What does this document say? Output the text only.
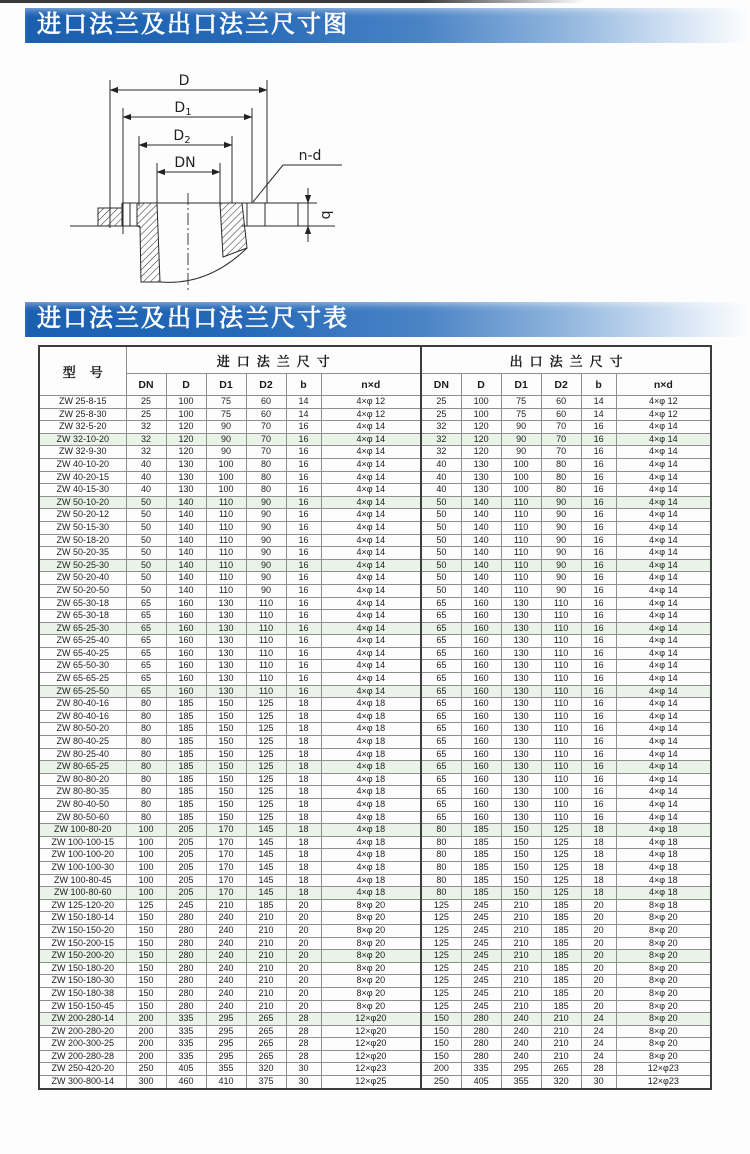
进口法兰及出口法兰尺寸图
D
$D_1$
$D_2$
DN	n-d
b
进口法兰及出口法兰尺寸表
型号	进口法兰尺寸						出口法兰尺寸					
	DN	D	D1	D2	b	n×d	DN	D	D1	D2	b	n×d
ZW 25-8-15	25	100	75	60	14	4×φ 12	25	100	75	60	14	4×φ 12
ZW 25-8-30	25	100	75	60	14	4×φ 12	25	100	75	60	14	4×φ 12
ZW 32-5-20	32	120	90	70	16	4×φ 14	32	120	90	70	16	4×φ 14
ZW 32-10-20	32	120	90	70	16	4×φ 14	32	120	90	70	16	4×φ 14
ZW 32-9-30	32	120	90	70	16	4×φ 14	32	120	90	70	16	4×φ 14
ZW 40-10-20	40	130	100	80	16	4×φ 14	40	130	100	80	16	4×φ 14
ZW 40-20-15	40	130	100	80	16	4×φ 14	40	130	100	80	16	4×φ 14
ZW 40-15-30	40	130	100	80	16	4×φ 14	40	130	100	80	16	4×φ 14
ZW 50-10-20	50	140	110	90	16	4×φ 14	50	140	110	90	16	4×φ 14
ZW 50-20-12	50	140	110	90	16	4×φ 14	50	140	110	90	16	4×φ 14
ZW 50-15-30	50	140	110	90	16	4×φ 14	50	140	110	90	16	4×φ 14
ZW 50-18-20	50	140	110	90	16	4×φ 14	50	140	110	90	16	4×φ 14
ZW 50-20-35	50	140	110	90	16	4×φ 14	50	140	110	90	16	4×φ 14
ZW 50-25-30	50	140	110	90	16	4×φ 14	50	140	110	90	16	4×φ 14
ZW 50-20-40	50	140	110	90	16	4×φ 14	50	140	110	90	16	4×φ 14
ZW 50-20-50	50	140	110	90	16	4×φ 14	50	140	110	90	16	4×φ 14
ZW 65-30-18	65	160	130	110	16	4×φ 14	65	160	130	110	16	4×φ 14
ZW 65-30-18	65	160	130	110	16	4×φ 14	65	160	130	110	16	4×φ 14
ZW 65-25-30	65	160	130	110	16	4×φ 14	65	160	130	110	16	4×φ 14
ZW 65-25-40	65	160	130	110	16	4×φ 14	65	160	130	110	16	4×φ 14
ZW 65-40-25	65	160	130	110	16	4×φ 14	65	160	130	110	16	4×φ 14
ZW 65-50-30	65	160	130	110	16	4×φ 14	65	160	130	110	16	4×φ 14
ZW 65-65-25	65	160	130	110	16	4×φ 14	65	160	130	110	16	4×φ 14
ZW 65-25-50	65	160	130	110	16	4×φ 14	65	160	130	110	16	4×φ 14
ZW 80-40-16	80	185	150	125	18	4×φ 18	65	160	130	110	16	4×φ 14
ZW 80-40-16	80	185	150	125	18	4×φ 18	65	160	130	110	16	4×φ 14
ZW 80-50-20	80	185	150	125	18	4×φ 18	65	160	130	110	16	4×φ 14
ZW 80-40-25	80	185	150	125	18	4×φ 18	65	160	130	110	16	4×φ 14
ZW 80-25-40	80	185	150	125	18	4×φ 18	65	160	130	110	16	4×φ 14
ZW 80-65-25	80	185	150	125	18	4×φ 18	65	160	130	110	16	4×φ 14
ZW 80-80-20	80	185	150	125	18	4×φ 18	65	160	130	110	16	4×φ 14
ZW 80-80-35	80	185	150	125	18	4×φ 18	65	160	130	100	16	4×φ 14
ZW 80-40-50	80	185	150	125	18	4×φ 18	65	160	130	110	16	4×φ 14
ZW 80-50-60	80	185	150	125	18	4×φ 18	65	160	130	110	16	4×φ 14
ZW 100-80-20	100	205	170	145	18	4×φ 18	80	185	150	125	18	4×φ 18
ZW 100-100-15	100	205	170	145	18	4×φ 18	80	185	150	125	18	4×φ 18
ZW 100-100-20	100	205	170	145	18	4×φ 18	80	185	150	125	18	4×φ 18
ZW 100-100-30	100	205	170	145	18	4×φ 18	80	185	150	125	18	4×φ 18
ZW 100-80-45	100	205	170	145	18	4×φ 18	80	185	150	125	18	4×φ 18
ZW 100-80-60	100	205	170	145	18	4×φ 18	80	185	150	125	18	4×φ 18
ZW 125-120-20	125	245	210	185	20	8×φ 20	125	245	210	185	20	8×φ 18
ZW 150-180-14	150	280	240	210	20	8×φ 20	125	245	210	185	20	8×φ 20
ZW 150-150-20	150	280	240	210	20	8×φ 20	125	245	210	185	20	8×φ 20
ZW 150-200-15	150	280	240	210	20	8×φ 20	125	245	210	185	20	8×φ 20
ZW 150-200-20	150	280	240	210	20	8×φ 20	125	245	210	185	20	8×φ 20
ZW 150-180-20	150	280	240	210	20	8×φ 20	125	245	210	185	20	8×φ 20
ZW 150-180-30	150	280	240	210	20	8×φ 20	125	245	210	185	20	8×φ 20
ZW 150-180-38	150	280	240	210	20	8×φ 20	125	245	210	185	20	8×φ 20
ZW 150-150-45	150	280	240	210	20	8×φ 20	125	245	210	185	20	8×φ 20
ZW 200-280-14	200	335	295	265	28	12×φ20	150	280	240	210	24	8×φ 20
ZW 200-280-20	200	335	295	265	28	12×φ20	150	280	240	210	24	8×φ 20
ZW 200-300-25	200	335	295	265	28	12×φ20	150	280	240	210	24	8×φ 20
ZW 200-280-28	200	335	295	265	28	12×φ20	150	280	240	210	24	8×φ 20
ZW 250-420-20	250	405	355	320	30	12×φ23	200	335	295	265	28	12×φ23
ZW 300-800-14	300	460	410	375	30	12×φ25	250	405	355	320	30	12×φ23
